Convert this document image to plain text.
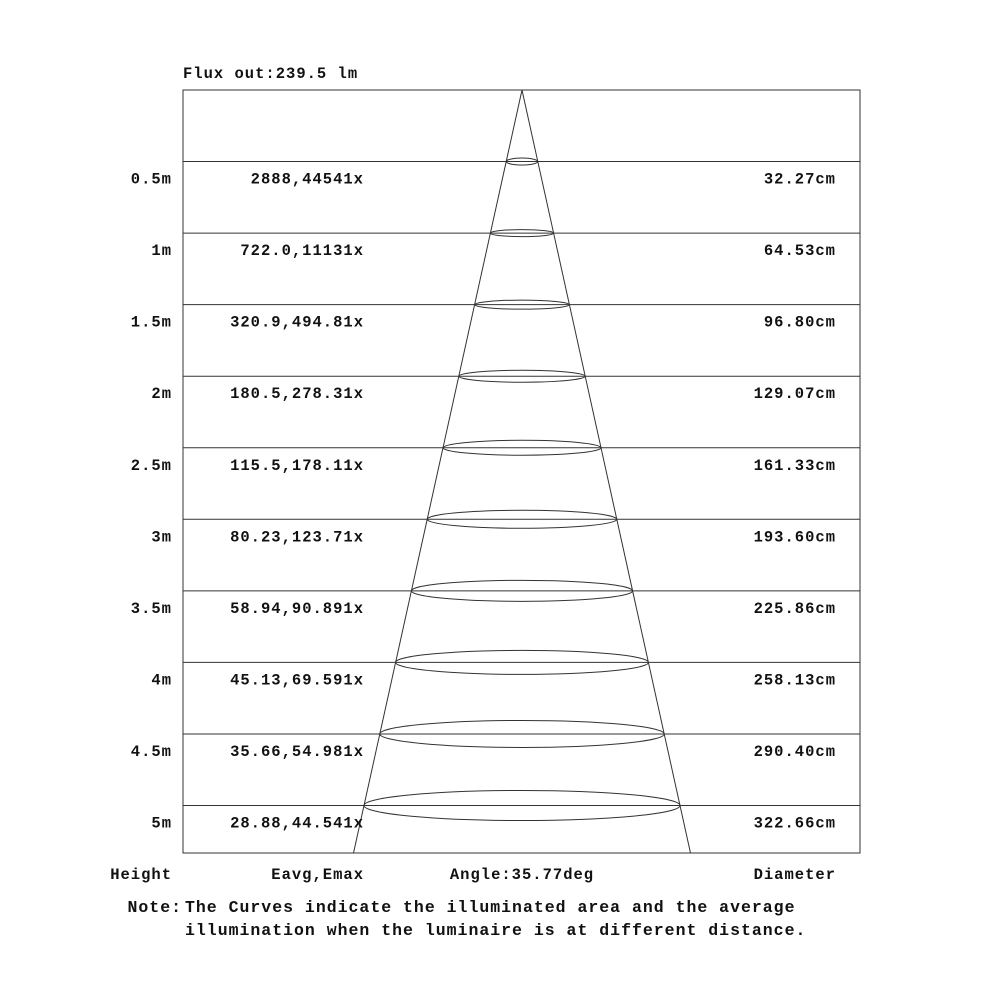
0.5m	2888,44541x	32.27cm
1m	722.0,11131x	64.53cm
1.5m	320.9,494.81x	96.80cm
2m	180.5,278.31x	129.07cm
2.5m	115.5,178.11x	161.33cm
3m	80.23,123.71x	193.60cm
3.5m	58.94,90.891x	225.86cm
4m	45.13,69.591x	258.13cm
4.5m	35.66,54.981x	290.40cm
5m	28.88,44.541x	322.66cm
Flux out:239.5 lm
Height	Eavg,Emax	Angle:35.77deg	Diameter
Note: The Curves indicate the illuminated area and the average
illumination when the luminaire is at different distance.
